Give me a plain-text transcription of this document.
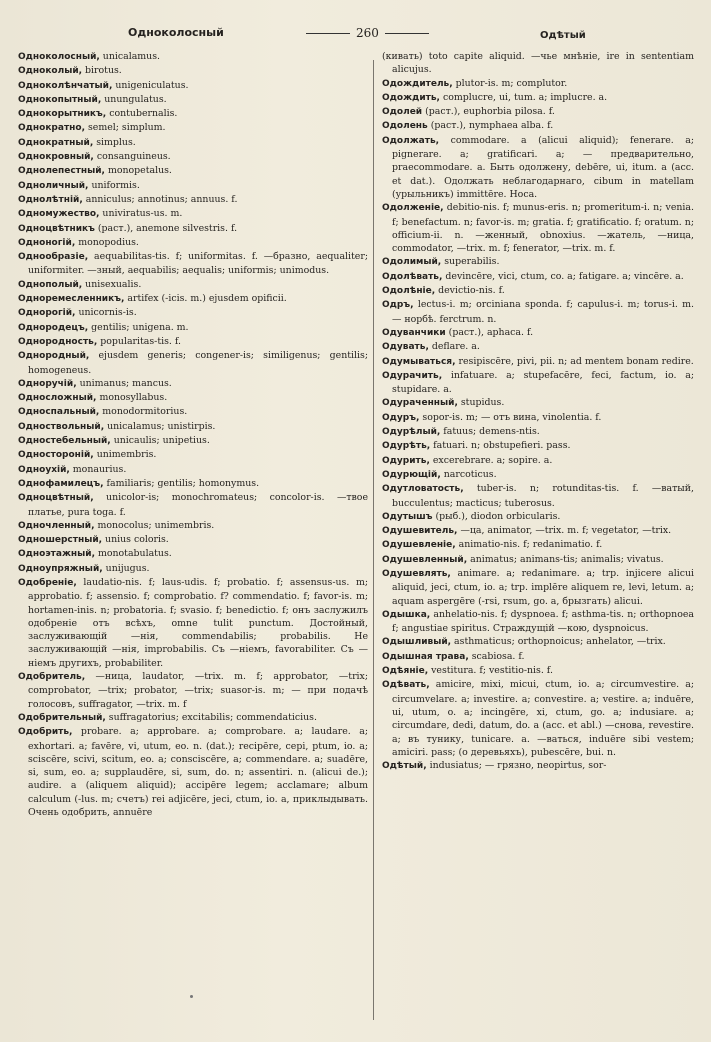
Одноколосный	260	Одѣтый

Одноколосный, unicalamus.

Одноколый, birotus.

Одноколѣнчатый, unigeniculatus.

Однокопытный, unungulatus.

Однокорытникъ, contubernalis.

Однократно, semel; simplum.

Однократный, simplus.

Однокровный, consanguineus.

Однолепестный, monopetalus.

Одноличный, uniformis.

Однолѣтній, anniculus; annotinus; annuus. f.

Одномужество, univiratus-us. m.

Одноцвѣтникъ (раст.), anemone silvestris. f.

Одноногій, monopodius.

Однообразіе, aequabilitas-tis. f; uniformitas. f. —бразно, aequaliter; uniformiter. —зный, aequabilis; aequalis; uniformis; unimodus.

Однополый, unisexualis.

Одноремесленникъ, artifex (-icis. m.) ejusdem opificii.

Однорогій, unicornis-is.

Однородецъ, gentilis; unigena. m.

Однородность, popularitas-tis. f.

Однородный, ejusdem generis; congener-is; similigenus; gentilis; homogeneus.

Одноручій, unimanus; mancus.

Односложный, monosyllabus.

Односпальный, monodormitorius.

Одноствольный, unicalamus; unistirpis.

Одностебельный, unicaulis; unipetius.

Одностороній, unimembris.

Одноухій, monaurius.

Однофамилецъ, familiaris; gentilis; homonymus.

Одноцвѣтный, unicolor-is; monochromateus; concolor-is. —твое платье, pura toga. f.

Одночленный, monocolus; unimembris.

Одношерстный, unius coloris.

Одноэтажный, monotabulatus.

Одноупряжный, unijugus.

Одобреніе, laudatio-nis. f; laus-udis. f; probatio. f; assensus-us. m; approbatio. f; assensio. f; comprobatio. f? commendatio. f; favor-is. m; hortamen-inis. n; probatoria. f; svasio. f; benedictio. f; онъ заслужилъ одобреніе отъ всѣхъ, omne tulit punctum. Достойный, заслуживающій —нія, commendabilis; probabilis. Не заслуживающій —нія, improbabilis. Съ —ніемъ, favorabiliter. Съ —ніемъ другихъ, probabiliter.

Одобритель, —ница, laudator, —trix. m. f; approbator, —trix; comprobator, —trix; probator, —trix; suasor-is. m; — при подачѣ голосовъ, suffragator, —trix. m. f

Одобрительный, suffragatorius; excitabilis; commendaticius.

Одобрить, probare. a; approbare. a; comprobare. a; laudare. a; exhortari. a; favēre, vi, utum, eo. n. (dat.); recipēre, cepi, ptum, io. a; sciscēre, scivi, scitum, eo. a; consciscēre, a; commendare. a; suadēre, si, sum, eo. a; supplaudēre, si, sum, do. n; assentiri. n. (alicui de.); audire. a (aliquem aliquid); accipēre legem; acclamare; album calculum (-lus. m; счетъ) rei adjicēre, jeci, ctum, io. a, приклыдывать. Очень одобрить, annuēre

(кивать) toto capite aliquid. —чье мнѣніе, ire in sententiam alicujus.

Одождитель, plutor-is. m; complutor.

Одождить, complucre, ui, tum. a; implucre. a.

Одолей (раст.), euphorbia pilosa. f.

Одолень (раст.), nymphaea alba. f.

Одолжать, commodare. a (alicui aliquid); fenerare. a; pignerare. a; gratificari. a; — предварительно, praecommodare. a. Быть одолжену, debēre, ui, itum. a (acc. et dat.). Одолжать неблагодарнаго, cibum in matellam (урыльникъ) immittēre. Носа.

Одолженіе, debitio-nis. f; munus-eris. n; promeritum-i. n; venia. f; benefactum. n; favor-is. m; gratia. f; gratificatio. f; oratum. n; officium-ii. n. —женный, obnoxius. —жатель, —ница, commodator, —trix. m. f; fenerator, —trix. m. f.

Одолимый, superabilis.

Одолѣвать, devincēre, vici, ctum, co. a; fatigare. a; vincēre. a.

Одолѣніе, devictio-nis. f.

Одръ, lectus-i. m; orciniana sponda. f; capulus-i. m; torus-i. m. — норбѣ. ferctrum. n.

Одуванчики (раст.), aphaca. f.

Одувать, deflare. a.

Одумываться, resipiscēre, pivi, pii. n; ad mentem bonam redire.

Одурачить, infatuare. a; stupefacēre, feci, factum, io. a; stupidare. a.

Одураченный, stupidus.

Одуръ, sopor-is. m; — отъ вина, vinolentia. f.

Одурѣлый, fatuus; demens-ntis.

Одурѣть, fatuari. n; obstupefieri. pass.

Одурить, excerebrare. a; sopire. a.

Одурющій, narcoticus.

Одутловатость, tuber-is. n; rotunditas-tis. f. —ватый, bucculentus; macticus; tuberosus.

Одутышъ (рыб.), diodon orbicularis.

Одушевитель, —ца, animator, —trix. m. f; vegetator, —trix.

Одушевленіе, animatio-nis. f; redanimatio. f.

Одушевленный, animatus; animans-tis; animalis; vivatus.

Одушевлять, animare. a; redanimare. a; trp. injicere alicui aliquid, jeci, ctum, io. a; trp. implēre aliquem re, levi, letum. a; aquam aspergēre (-rsi, rsum, go. a, брызгать) alicui.

Одышка, anhelatio-nis. f; dyspnoea. f; asthma-tis. n; orthopnoea f; angustiae spiritus. Страждущій —кою, dyspnoicus.

Одышливый, asthmaticus; orthopnoicus; anhelator, —trix.

Одышная трава, scabiosa. f.

Одѣяніе, vestitura. f; vestitio-nis. f.

Одѣвать, amicire, mixi, micui, ctum, io. a; circumvestire. a; circumvelare. a; investire. a; convestire. a; vestire. a; induēre, ui, utum, o. a; incingēre, xi, ctum, go. a; indusiare. a; circumdare, dedi, datum, do. a (acc. et abl.) —снова, revestire. a; въ тунику, tunicare. a. —ваться, induēre sibi vestem; amiciri. pass; (о деревьяхъ), pubescēre, bui. n.

Одѣтый, indusiatus; — грязно, neopirtus, sor-
